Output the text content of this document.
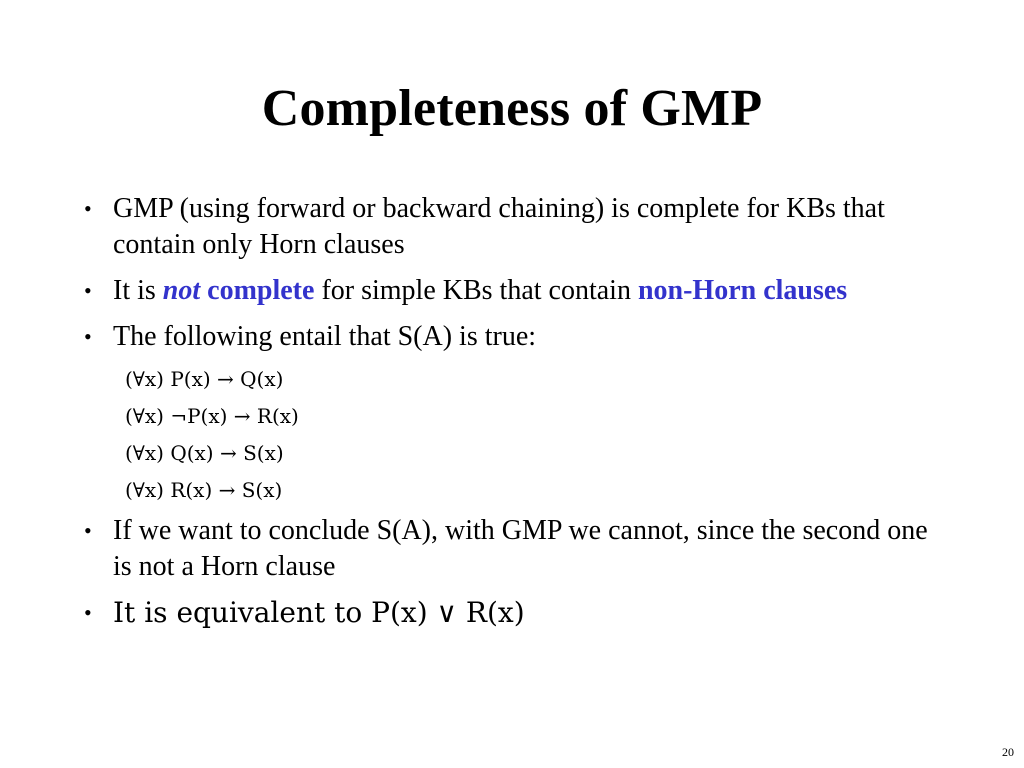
Completeness of GMP
• GMP (using forward or backward chaining) is complete for KBs that contain only Horn clauses
• It is not complete for simple KBs that contain non-Horn clauses
• The following entail that S(A) is true:
(∀x) P(x) → Q(x)
(∀x) ¬P(x) → R(x)
(∀x) Q(x) → S(x)
(∀x) R(x) → S(x)
• If we want to conclude S(A), with GMP we cannot, since the second one is not a Horn clause
• It is equivalent to P(x) ∨ R(x)
20
